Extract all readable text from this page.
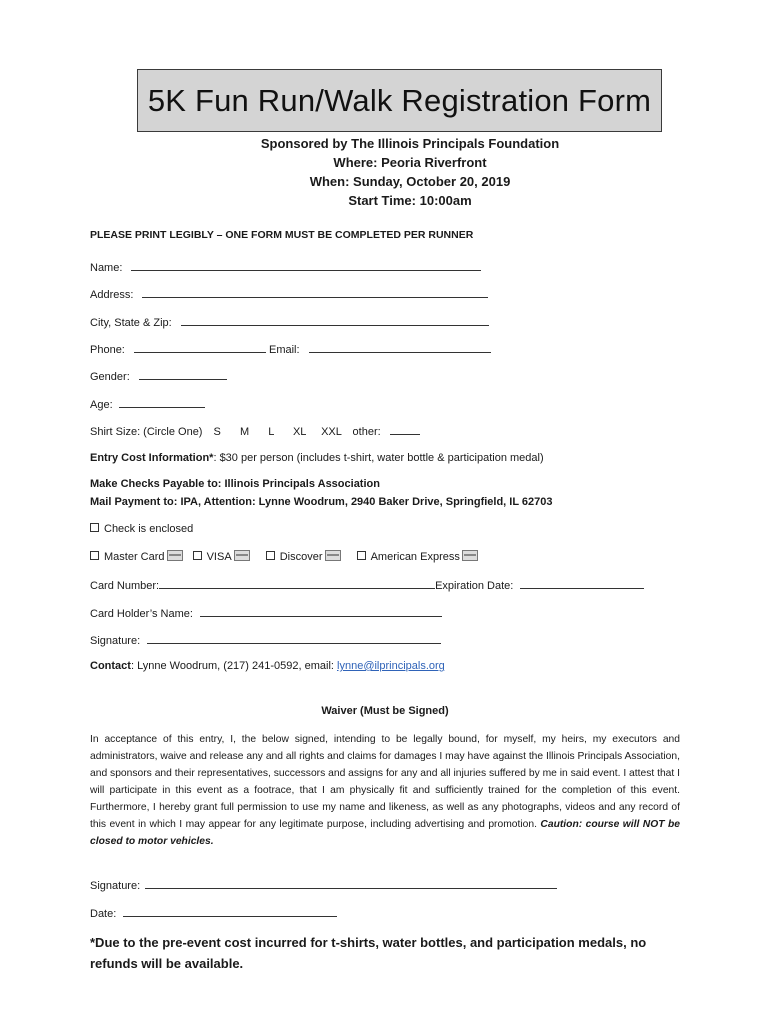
5K Fun Run/Walk Registration Form
Sponsored by The Illinois Principals Foundation
Where: Peoria Riverfront
When: Sunday, October 20, 2019
Start Time: 10:00am
PLEASE PRINT LEGIBLY – ONE FORM MUST BE COMPLETED PER RUNNER
Name:
Address:
City, State & Zip:
Phone:	Email:
Gender:
Age:
Shirt Size: (Circle One) S M L XL XXL other:
Entry Cost Information*: $30 per person (includes t-shirt, water bottle & participation medal)
Make Checks Payable to: Illinois Principals Association
Mail Payment to: IPA, Attention: Lynne Woodrum, 2940 Baker Drive, Springfield, IL 62703
Check is enclosed
Master Card	VISA	Discover	American Express
Card Number:	Expiration Date:
Card Holder’s Name:
Signature:
Contact: Lynne Woodrum, (217) 241-0592, email: lynne@ilprincipals.org
Waiver (Must be Signed)
In acceptance of this entry, I, the below signed, intending to be legally bound, for myself, my heirs, my executors and administrators, waive and release any and all rights and claims for damages I may have against the Illinois Principals Association, and sponsors and their representatives, successors and assigns for any and all injuries suffered by me in said event. I attest that I will participate in this event as a footrace, that I am physically fit and sufficiently trained for the completion of this event. Furthermore, I hereby grant full permission to use my name and likeness, as well as any photographs, videos and any record of this event in which I may appear for any legitimate purpose, including advertising and promotion. Caution: course will NOT be closed to motor vehicles.
Signature:
Date:
*Due to the pre-event cost incurred for t-shirts, water bottles, and participation medals, no refunds will be available.
